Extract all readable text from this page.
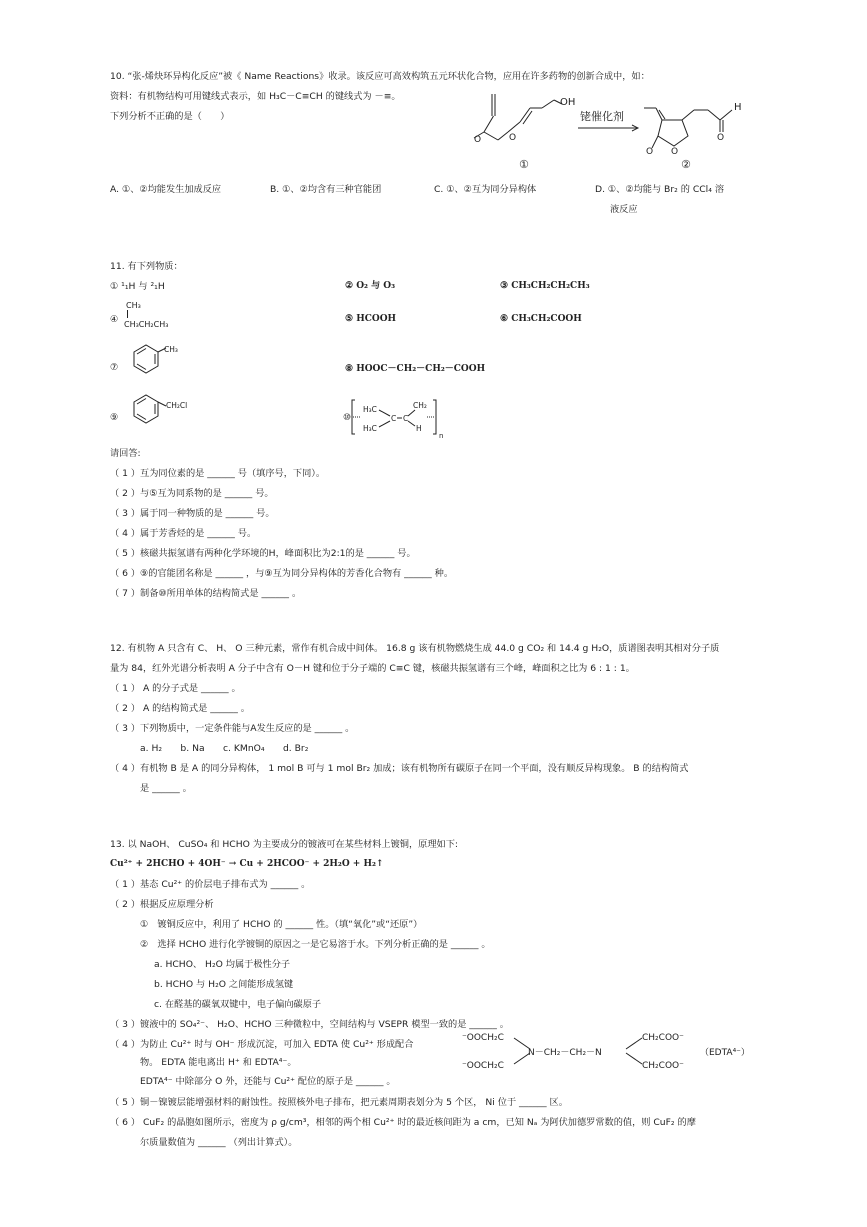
10. “张-烯炔环异构化反应”被《 Name Reactions》收录。该反应可高效构筑五元环状化合物，应用在许多药物的创新合成中，如：
资料：有机物结构可用键线式表示，如 H₃C－C≡CH 的键线式为 －≡。
下列分析不正确的是（　　）
O	O
OH
①
铑催化剂
O O
O
H
②
A. ①、②均能发生加成反应	B. ①、②均含有三种官能团	C. ①、②互为同分异构体	D. ①、②均能与 Br₂ 的 CCl₄ 溶
液反应
11. 有下列物质：
① ¹₁H 与 ²₁H	② O₂ 与 O₃	③ CH₃CH₂CH₂CH₃
④
CH₃
CH₃CH₂CH₃
⑤ HCOOH	⑥ CH₃CH₂COOH
⑦
CH₃
⑧ HOOC－CH₂－CH₂－COOH
⑨
CH₂Cl
⑩
H₃C
H₃C
C C
CH₂
H
n
请回答:
（ 1 ）互为同位素的是 ______ 号（填序号，下同）。
（ 2 ）与⑤互为同系物的是 ______ 号。
（ 3 ）属于同一种物质的是 ______ 号。
（ 4 ）属于芳香烃的是 ______ 号。
（ 5 ）核磁共振氢谱有两种化学环境的H，峰面积比为2:1的是 ______ 号。
（ 6 ）⑨的官能团名称是 ______ ，与⑨互为同分异构体的芳香化合物有 ______ 种。
（ 7 ）制备⑩所用单体的结构简式是 ______ 。
12. 有机物 A 只含有 C、 H、 O 三种元素，常作有机合成中间体。 16.8 g 该有机物燃烧生成 44.0 g CO₂ 和 14.4 g H₂O，质谱图表明其相对分子质
量为 84，红外光谱分析表明 A 分子中含有 O－H 键和位于分子端的 C≡C 键，核磁共振氢谱有三个峰，峰面积之比为 6 : 1 : 1。
（ 1 ） A 的分子式是 ______ 。
（ 2 ） A 的结构简式是 ______ 。
（ 3 ）下列物质中，一定条件能与A发生反应的是 ______ 。
a. H₂　　b. Na　　c. KMnO₄　　d. Br₂
（ 4 ）有机物 B 是 A 的同分异构体， 1 mol B 可与 1 mol Br₂ 加成；该有机物所有碳原子在同一个平面，没有顺反异构现象。 B 的结构简式
是 ______ 。
13. 以 NaOH、 CuSO₄ 和 HCHO 为主要成分的镀液可在某些材料上镀铜，原理如下:
Cu²⁺ + 2HCHO + 4OH⁻ → Cu + 2HCOO⁻ + 2H₂O + H₂↑
（ 1 ）基态 Cu²⁺ 的价层电子排布式为 ______ 。
（ 2 ）根据反应原理分析
①　镀铜反应中，利用了 HCHO 的 ______ 性。（填“氧化”或“还原”）
②　选择 HCHO 进行化学镀铜的原因之一是它易溶于水。下列分析正确的是 ______ 。
a. HCHO、 H₂O 均属于极性分子
b. HCHO 与 H₂O 之间能形成氢键
c. 在醛基的碳氧双键中，电子偏向碳原子
（ 3 ）镀液中的 SO₄²⁻、 H₂O、HCHO 三种微粒中，空间结构与 VSEPR 模型一致的是 ______ 。
（ 4 ）为防止 Cu²⁺ 时与 OH⁻ 形成沉淀，可加入 EDTA 使 Cu²⁺ 形成配合
物。 EDTA 能电离出 H⁺ 和 EDTA⁴⁻。
EDTA⁴⁻ 中除部分 O 外，还能与 Cu²⁺ 配位的原子是 ______ 。
⁻OOCH₂C
⁻OOCH₂C
N－CH₂－CH₂－N
CH₂COO⁻
CH₂COO⁻
（EDTA⁴⁻）
（ 5 ）铜－镍镀层能增强材料的耐蚀性。按照核外电子排布，把元素周期表划分为 5 个区， Ni 位于 ______ 区。
（ 6 ） CuF₂ 的晶胞如图所示，密度为 ρ g/cm³，相邻的两个相 Cu²⁺ 时的最近核间距为 a cm，已知 Nₐ 为阿伏加德罗常数的值，则 CuF₂ 的摩
尔质量数值为 ______ （列出计算式）。
